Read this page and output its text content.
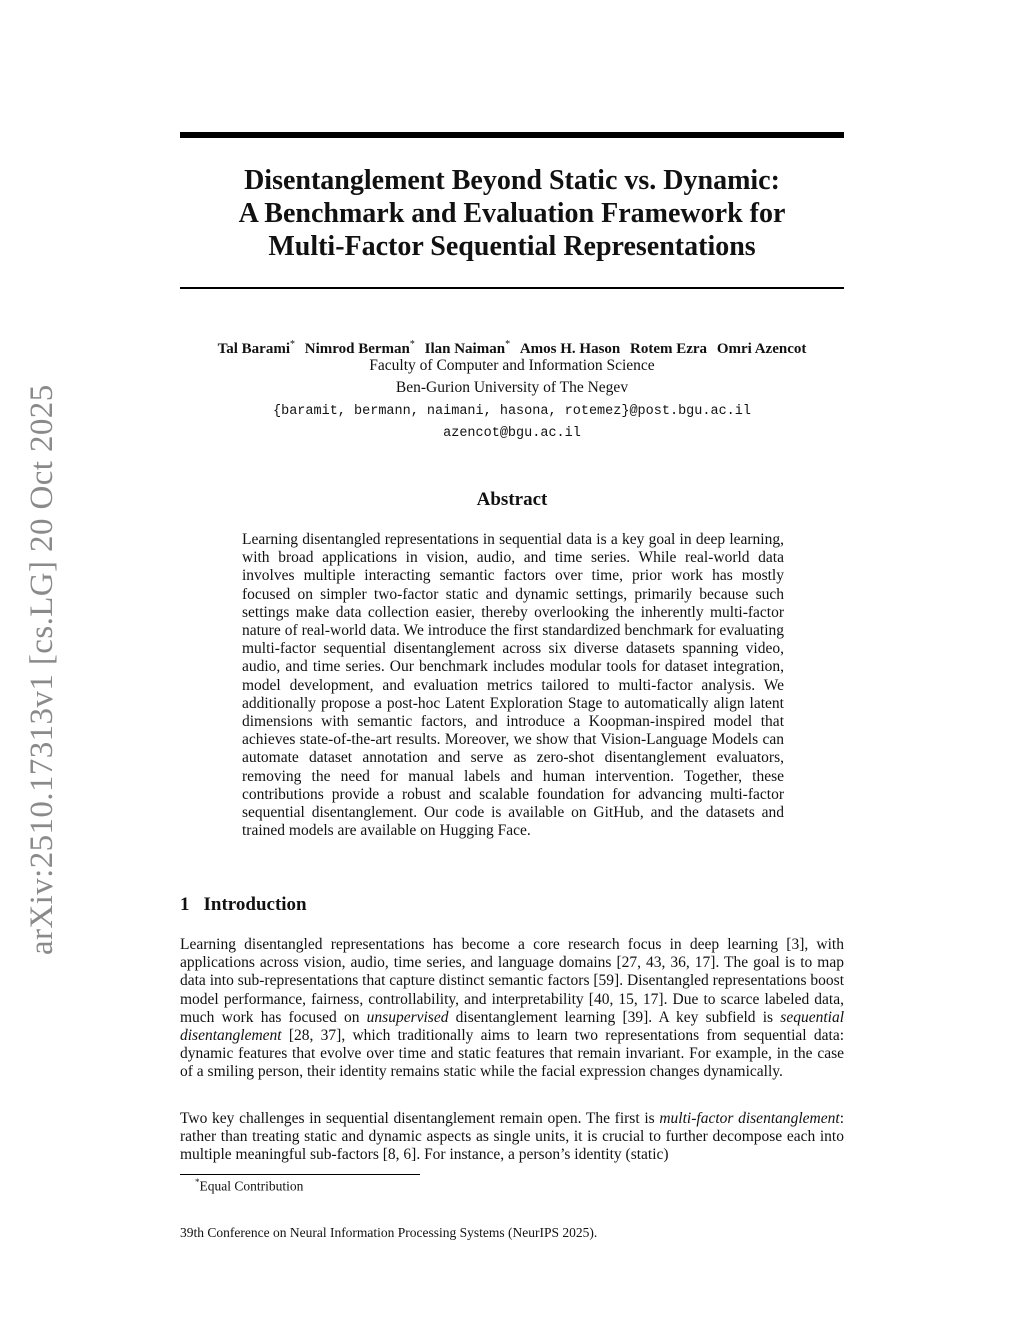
arXiv:2510.17313v1 [cs.LG] 20 Oct 2025
Disentanglement Beyond Static vs. Dynamic:
A Benchmark and Evaluation Framework for
Multi-Factor Sequential Representations
Tal Barami* Nimrod Berman* Ilan Naiman* Amos H. Hason Rotem Ezra Omri Azencot
Faculty of Computer and Information Science
Ben-Gurion University of The Negev
{baramit, bermann, naimani, hasona, rotemez}@post.bgu.ac.il
azencot@bgu.ac.il
Abstract
Learning disentangled representations in sequential data is a key goal in deep learning, with broad applications in vision, audio, and time series. While real-world data involves multiple interacting semantic factors over time, prior work has mostly focused on simpler two-factor static and dynamic settings, primarily because such settings make data collection easier, thereby overlooking the inherently multi-factor nature of real-world data. We introduce the first standardized benchmark for evaluating multi-factor sequential disentanglement across six diverse datasets spanning video, audio, and time series. Our benchmark includes modular tools for dataset integration, model development, and evaluation metrics tailored to multi-factor analysis. We additionally propose a post-hoc Latent Exploration Stage to automatically align latent dimensions with semantic factors, and introduce a Koopman-inspired model that achieves state-of-the-art results. Moreover, we show that Vision-Language Models can automate dataset annotation and serve as zero-shot disentanglement evaluators, removing the need for manual labels and human intervention. Together, these contributions provide a robust and scalable foundation for advancing multi-factor sequential disentanglement. Our code is available on GitHub, and the datasets and trained models are available on Hugging Face.
1 Introduction

Learning disentangled representations has become a core research focus in deep learning [3], with applications across vision, audio, time series, and language domains [27, 43, 36, 17]. The goal is to map data into sub-representations that capture distinct semantic factors [59]. Disentangled representations boost model performance, fairness, controllability, and interpretability [40, 15, 17]. Due to scarce labeled data, much work has focused on unsupervised disentanglement learning [39]. A key subfield is sequential disentanglement [28, 37], which traditionally aims to learn two representations from sequential data: dynamic features that evolve over time and static features that remain invariant. For example, in the case of a smiling person, their identity remains static while the facial expression changes dynamically.

Two key challenges in sequential disentanglement remain open. The first is multi-factor disentanglement: rather than treating static and dynamic aspects as single units, it is crucial to further decompose each into multiple meaningful sub-factors [8, 6]. For instance, a person’s identity (static)

*Equal Contribution
39th Conference on Neural Information Processing Systems (NeurIPS 2025).
